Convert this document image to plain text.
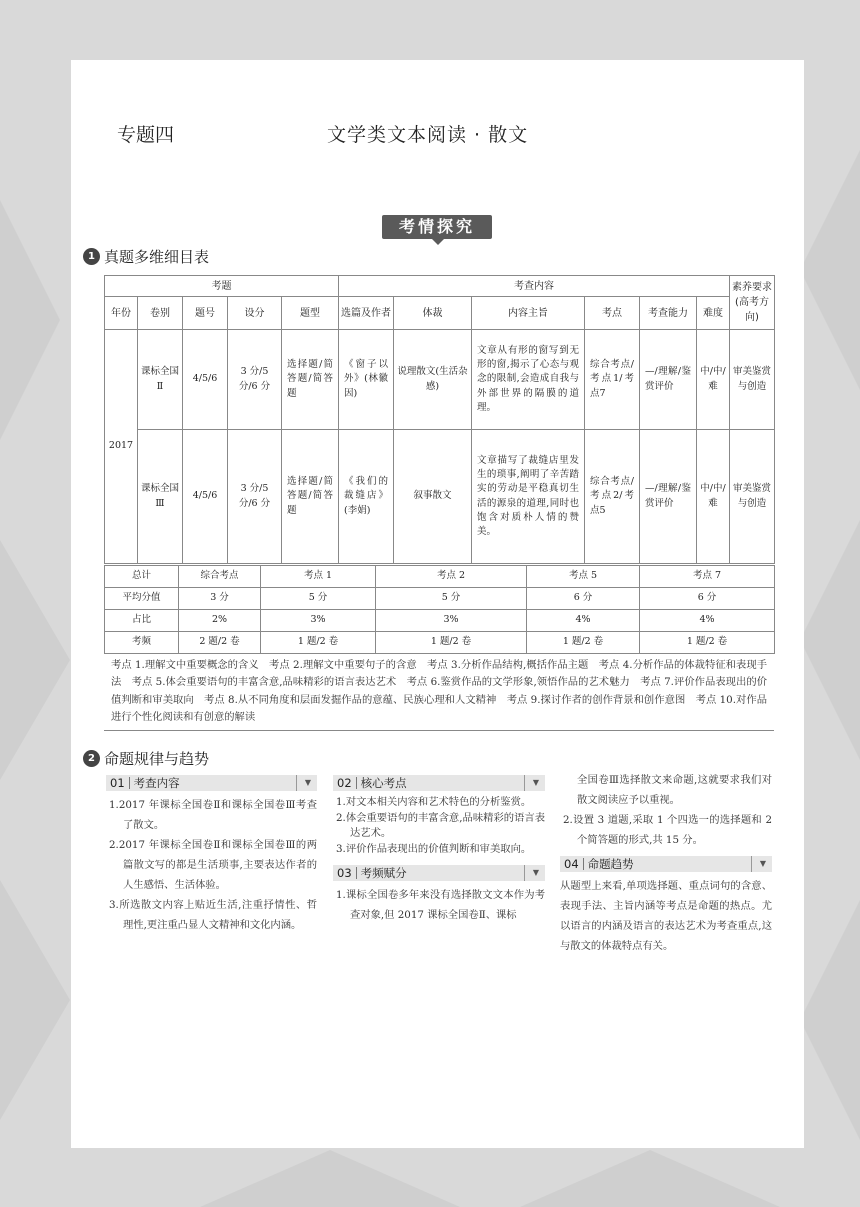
专题四	文学类文本阅读 · 散文
考情探究
1 真题多维细目表
考题					考查内容						素养要求(高考方向)
年份	卷别	题号	设分	题型	选篇及作者	体裁	内容主旨	考点	考查能力	难度	
2017	课标全国Ⅱ	4/5/6	3 分/5 分/6 分	选择题/简答题/简答题	《窗子以外》(林徽因)	说理散文(生活杂感)	文章从有形的窗写到无形的窗,揭示了心态与观念的限制,会造成自我与外部世界的隔膜的道理。	综合考点/考点1/考点7	—/理解/鉴赏评价	中/中/难	审美鉴赏与创造
	课标全国Ⅲ	4/5/6	3 分/5 分/6 分	选择题/简答题/简答题	《我们的裁缝店》(李娟)	叙事散文	文章描写了裁缝店里发生的琐事,阐明了辛苦踏实的劳动是平稳真切生活的源泉的道理,同时也饱含对质朴人情的赞美。	综合考点/考点2/考点5	—/理解/鉴赏评价	中/中/难	审美鉴赏与创造
总计	综合考点	考点 1	考点 2	考点 5	考点 7
平均分值	3 分	5 分	5 分	6 分	6 分
占比	2%	3%	3%	4%	4%
考频	2 题/2 卷	1 题/2 卷	1 题/2 卷	1 题/2 卷	1 题/2 卷
考点 1.理解文中重要概念的含义　考点 2.理解文中重要句子的含意　考点 3.分析作品结构,概括作品主题　考点 4.分析作品的体裁特征和表现手法　考点 5.体会重要语句的丰富含意,品味精彩的语言表达艺术　考点 6.鉴赏作品的文学形象,领悟作品的艺术魅力　考点 7.评价作品表现出的价值判断和审美取向　考点 8.从不同角度和层面发掘作品的意蕴、民族心理和人文精神　考点 9.探讨作者的创作背景和创作意图　考点 10.对作品进行个性化阅读和有创意的解读
2 命题规律与趋势
01 考查内容	▼
1.2017 年课标全国卷Ⅱ和课标全国卷Ⅲ考查了散文。
2.2017 年课标全国卷Ⅱ和课标全国卷Ⅲ的两篇散文写的都是生活琐事,主要表达作者的人生感悟、生活体验。
3.所选散文内容上贴近生活,注重抒情性、哲理性,更注重凸显人文精神和文化内涵。
02 核心考点	▼
1.对文本相关内容和艺术特色的分析鉴赏。
2.体会重要语句的丰富含意,品味精彩的语言表达艺术。
3.评价作品表现出的价值判断和审美取向。
03 考频赋分	▼
1.课标全国卷多年来没有选择散文文本作为考查对象,但 2017 课标全国卷Ⅱ、课标
全国卷Ⅲ选择散文来命题,这就要求我们对散文阅读应予以重视。
2.设置 3 道题,采取 1 个四选一的选择题和 2 个简答题的形式,共 15 分。
04 命题趋势	▼
从题型上来看,单项选择题、重点词句的含意、表现手法、主旨内涵等考点是命题的热点。尤以语言的内涵及语言的表达艺术为考查重点,这与散文的体裁特点有关。
